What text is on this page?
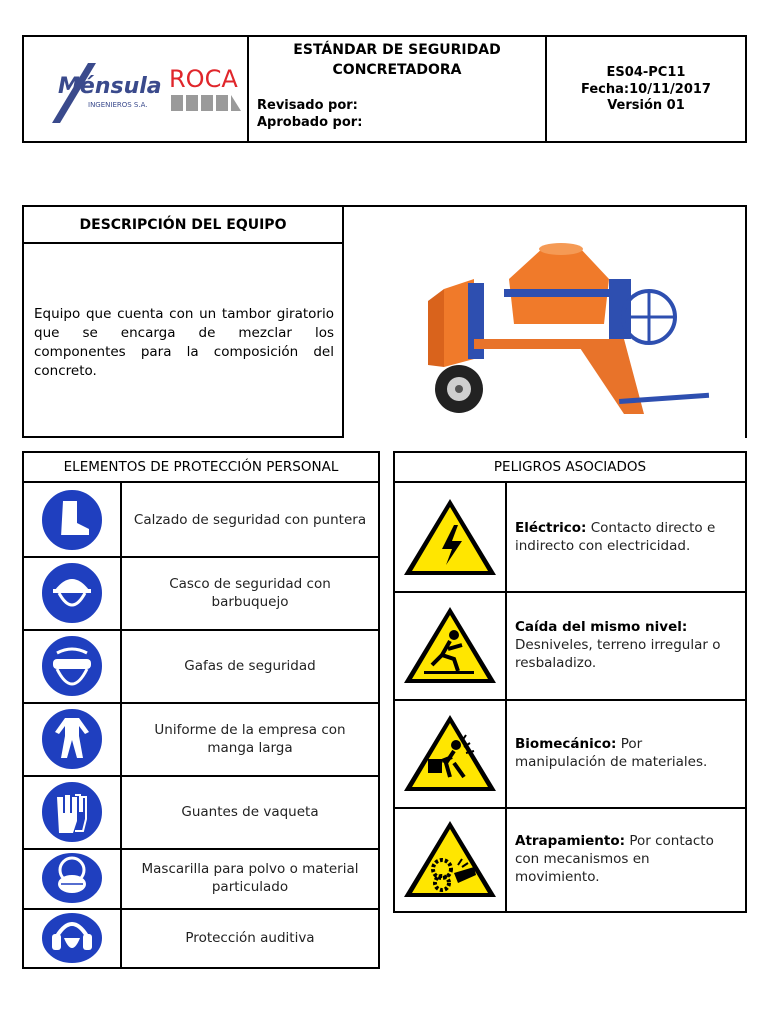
Ménsula
INGENIEROS S.A.
ROCA
ESTÁNDAR DE SEGURIDAD
CONCRETADORA
Revisado por:
Aprobado por:
ES04-PC11
Fecha:10/11/2017
Versión 01
DESCRIPCIÓN DEL EQUIPO
Equipo que cuenta con un tambor giratorio que se encarga de mezclar los componentes para la composición del concreto.
ELEMENTOS DE PROTECCIÓN PERSONAL
Calzado de seguridad con puntera
Casco de seguridad con barbuquejo
Gafas de seguridad
Uniforme de la empresa con manga larga
Guantes de vaqueta
Mascarilla para polvo o material particulado
Protección auditiva
PELIGROS ASOCIADOS
Eléctrico: Contacto directo e indirecto con electricidad.
Caída del mismo nivel:
Desniveles, terreno irregular o resbaladizo.
Biomecánico: Por manipulación de materiales.
Atrapamiento: Por contacto con mecanismos en movimiento.
